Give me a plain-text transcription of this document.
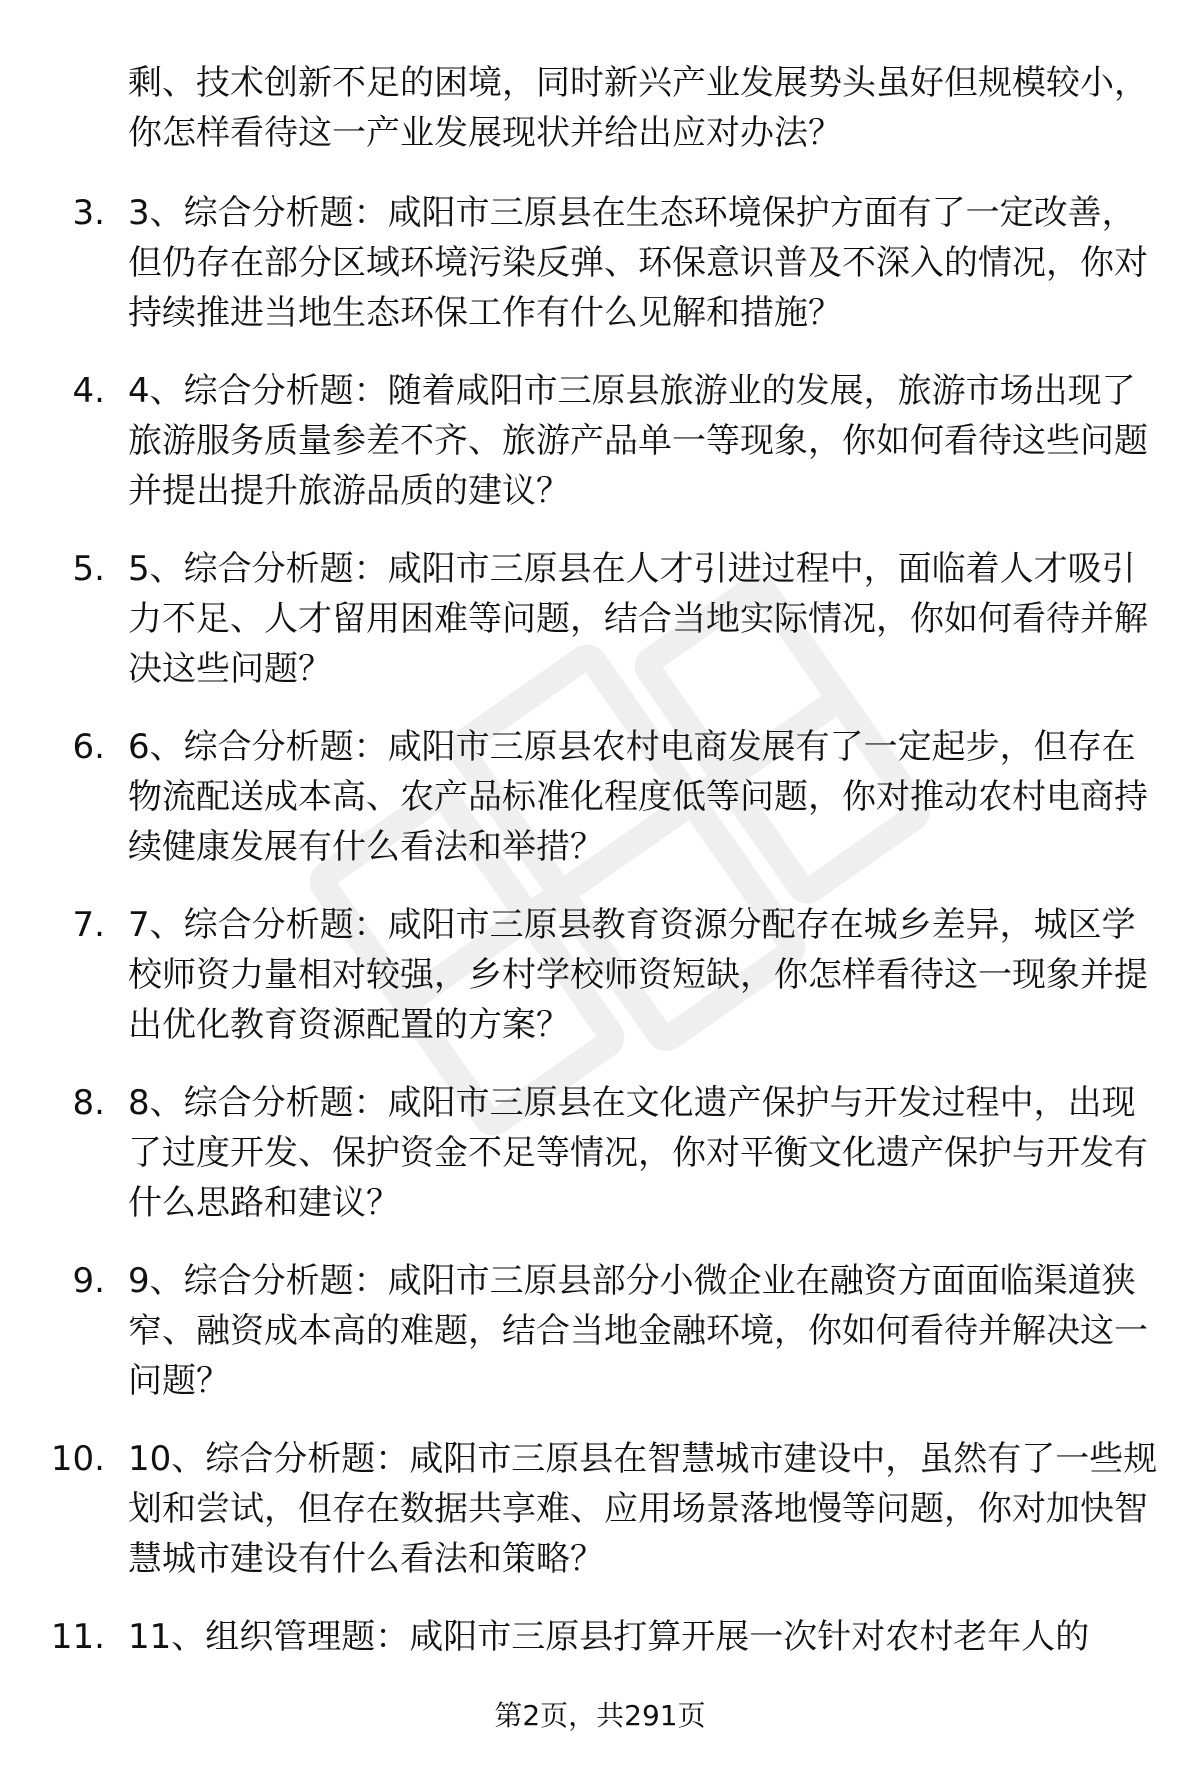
剩、技术创新不足的困境，同时新兴产业发展势头虽好但规模较小，你怎样看待这一产业发展现状并给出应对办法？
3. 3、综合分析题：咸阳市三原县在生态环境保护方面有了一定改善，但仍存在部分区域环境污染反弹、环保意识普及不深入的情况，你对持续推进当地生态环保工作有什么见解和措施？
4. 4、综合分析题：随着咸阳市三原县旅游业的发展，旅游市场出现了旅游服务质量参差不齐、旅游产品单一等现象，你如何看待这些问题并提出提升旅游品质的建议？
5. 5、综合分析题：咸阳市三原县在人才引进过程中，面临着人才吸引力不足、人才留用困难等问题，结合当地实际情况，你如何看待并解决这些问题？
6. 6、综合分析题：咸阳市三原县农村电商发展有了一定起步，但存在物流配送成本高、农产品标准化程度低等问题，你对推动农村电商持续健康发展有什么看法和举措？
7. 7、综合分析题：咸阳市三原县教育资源分配存在城乡差异，城区学校师资力量相对较强，乡村学校师资短缺，你怎样看待这一现象并提出优化教育资源配置的方案？
8. 8、综合分析题：咸阳市三原县在文化遗产保护与开发过程中，出现了过度开发、保护资金不足等情况，你对平衡文化遗产保护与开发有什么思路和建议？
9. 9、综合分析题：咸阳市三原县部分小微企业在融资方面面临渠道狭窄、融资成本高的难题，结合当地金融环境，你如何看待并解决这一问题？
10. 10、综合分析题：咸阳市三原县在智慧城市建设中，虽然有了一些规划和尝试，但存在数据共享难、应用场景落地慢等问题，你对加快智慧城市建设有什么看法和策略？
11. 11、组织管理题：咸阳市三原县打算开展一次针对农村老年人的
第2页，共291页
